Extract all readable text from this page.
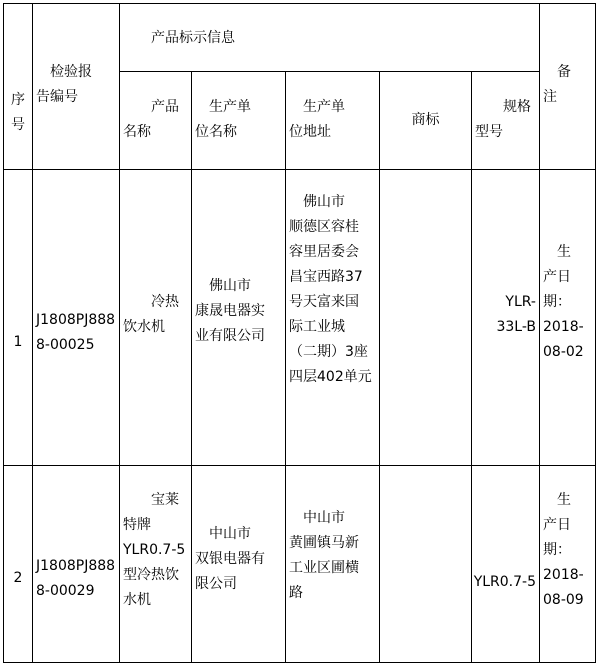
序
号
　检验报
告编号
　　产品标示信息
　备
注
　　产品
名称
　生产单
位名称
　生产单
位地址
商标
　　规格
型号
1
J1808PJ888
8-00025
　　冷热
饮水机
　佛山市
康晟电器实
业有限公司
　佛山市
顺德区容桂
容里居委会
昌宝西路37
号天富来国
际工业城
（二期）3座
四层402单元
YLR-
33L-B
　生
产日
期：
2018-
08-02
2
J1808PJ888
8-00029
　　宝莱
特牌
YLR0.7-5
型冷热饮
水机
　中山市
双银电器有
限公司
　中山市
黄圃镇马新
工业区圃横
路
YLR0.7-5
　生
产日
期：
2018-
08-09
